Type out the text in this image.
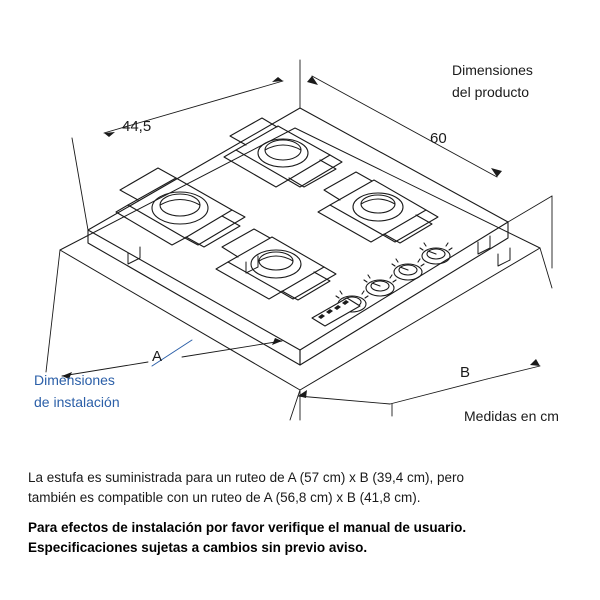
Dimensiones
del producto
44,5
60
A
B
Dimensiones
de instalación
Medidas en cm
La estufa es suministrada para un ruteo de A (57 cm) x B (39,4 cm), pero
también es compatible con un ruteo de A (56,8 cm) x B (41,8 cm).
Para efectos de instalación por favor verifique el manual de usuario.
Especificaciones sujetas a cambios sin previo aviso.
